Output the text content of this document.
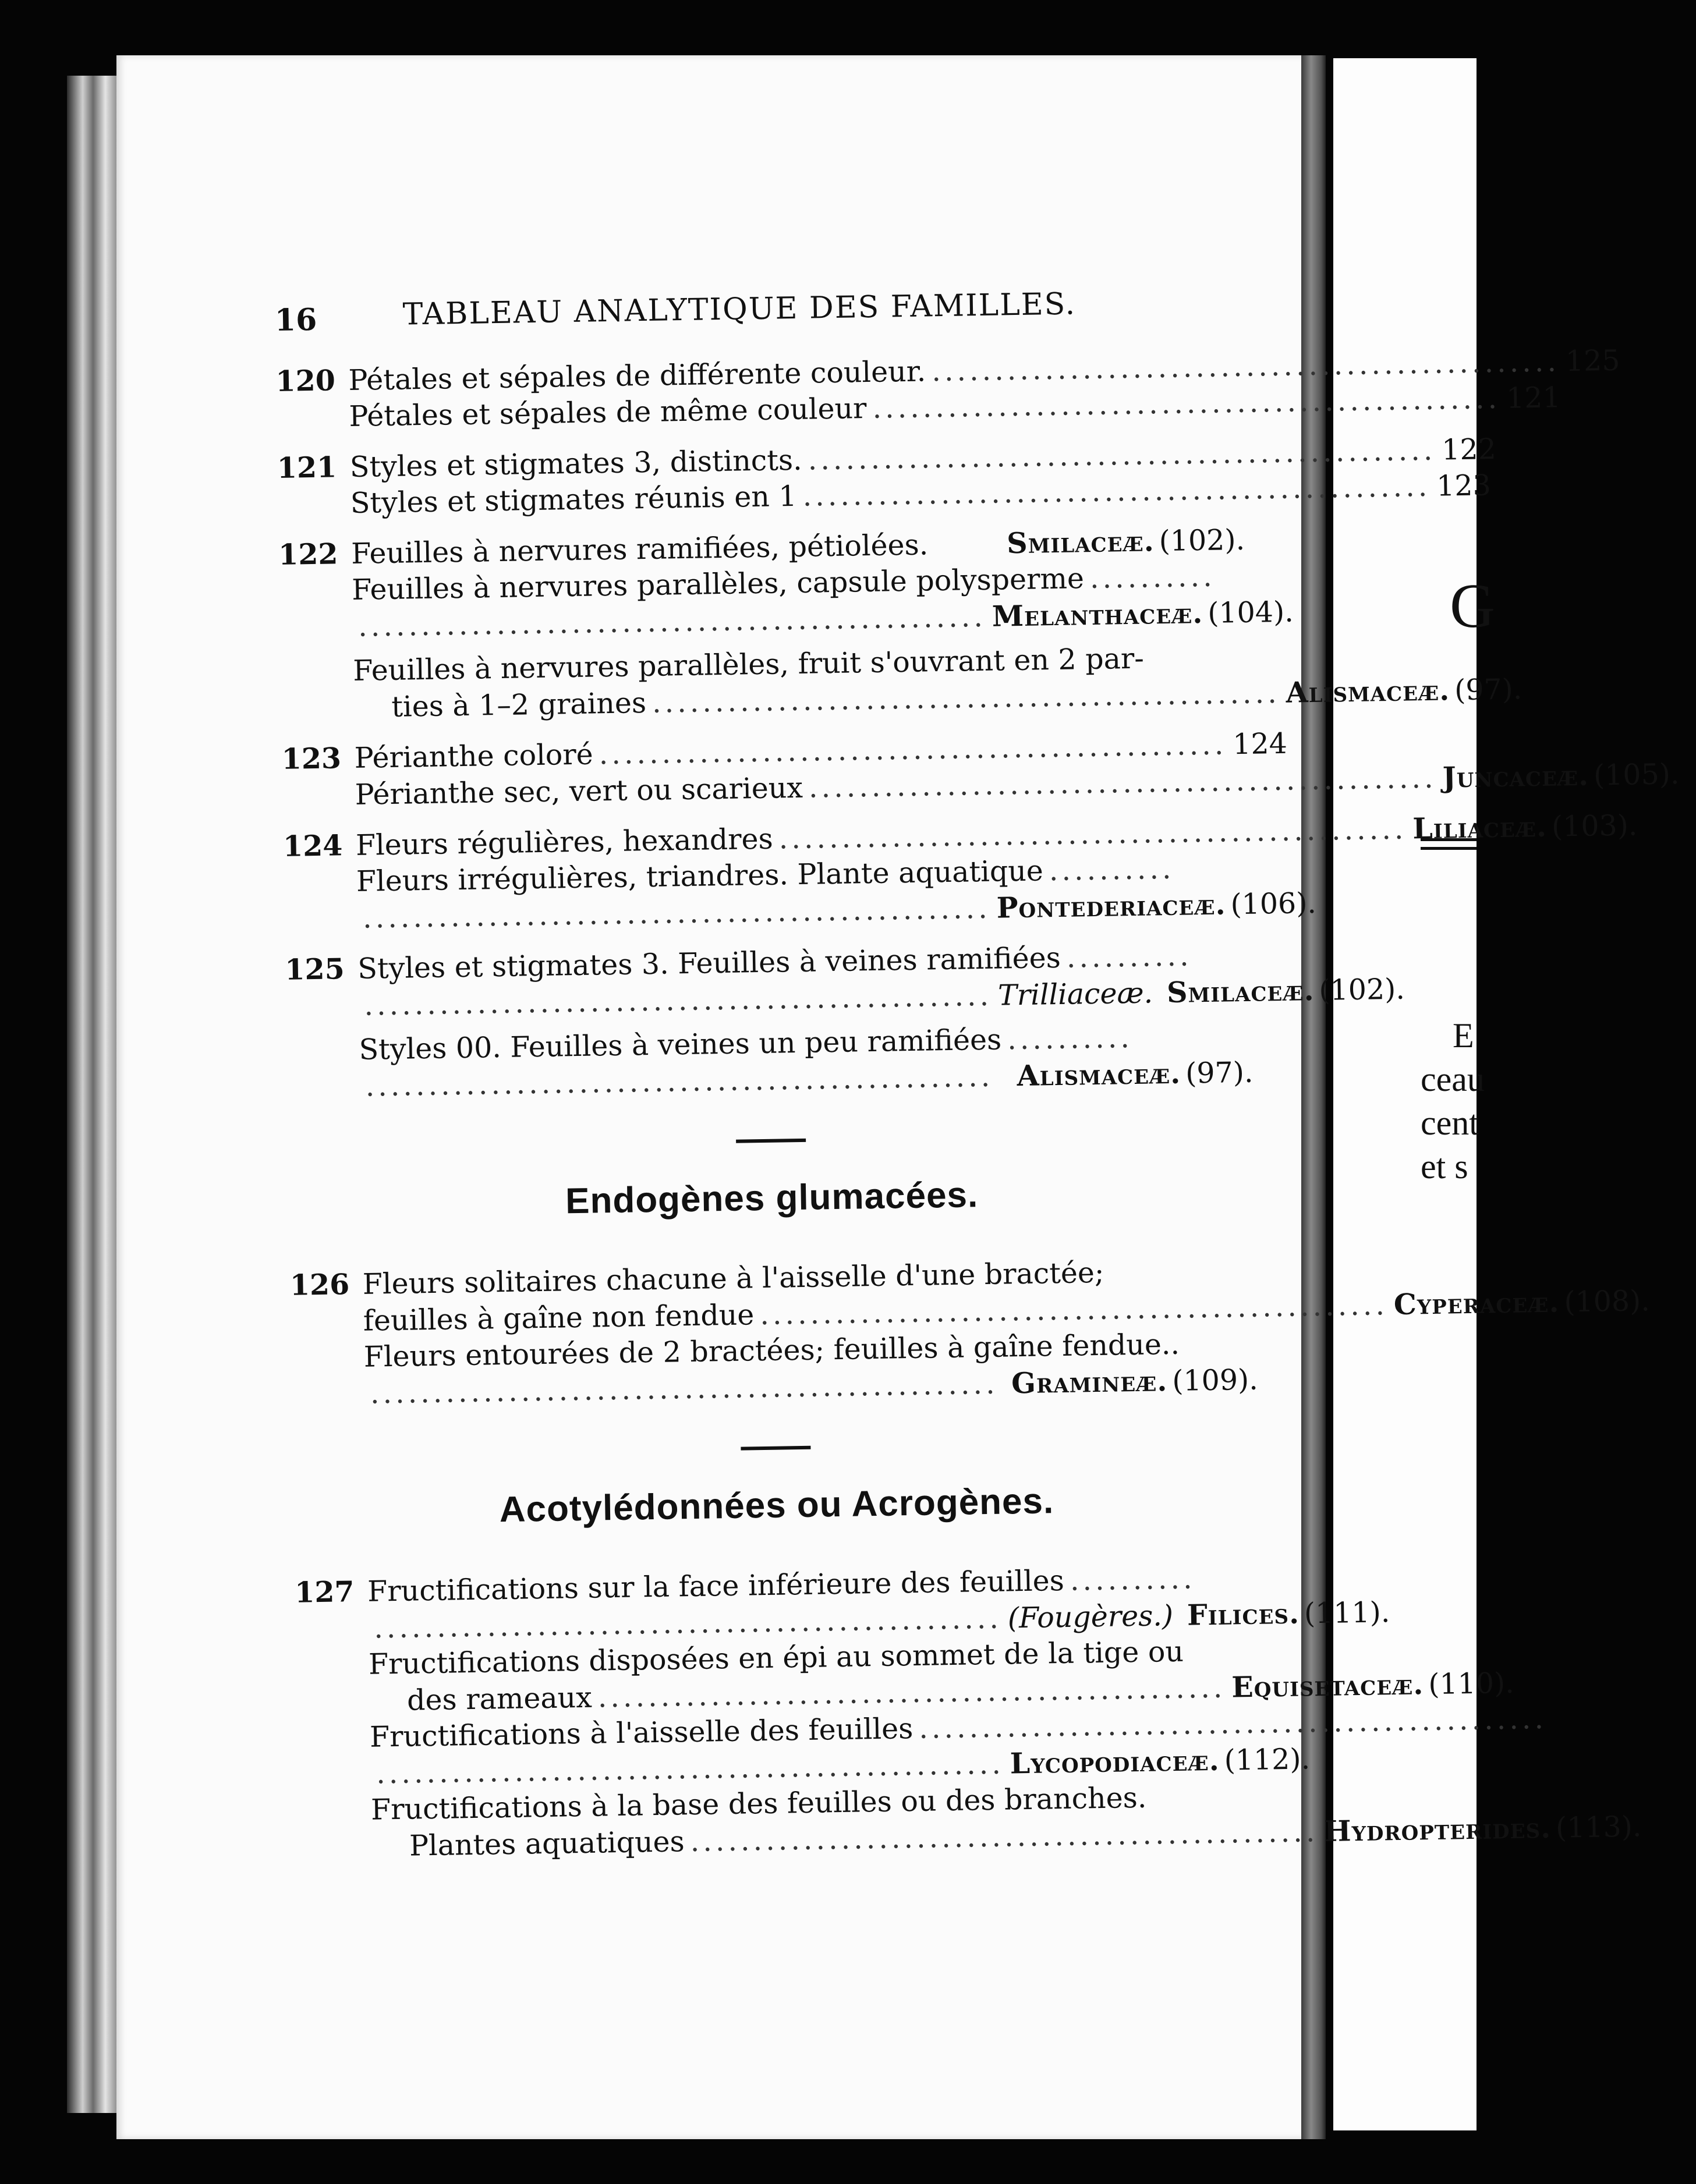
G
E
ceau
cent
et s
16	TABLEAU ANALYTIQUE DES FAMILLES.
120 Pétales et sépales de différente couleur. .................................................. 125
Pétales et sépales de même couleur .................................................. 121
121 Styles et stigmates 3, distincts. .................................................. 122
Styles et stigmates réunis en 1 .................................................. 123
122 Feuilles à nervures ramifiées, pétiolées.	Smilaceæ. (102).
Feuilles à nervures parallèles, capsule polysperme ..........
.................................................. Melanthaceæ. (104).
Feuilles à nervures parallèles, fruit s'ouvrant en 2 par-
ties à 1–2 graines .................................................. Alismaceæ. (97).
123 Périanthe coloré .................................................. 124
Périanthe sec, vert ou scarieux .................................................. Juncaceæ. (105).
124 Fleurs régulières, hexandres .................................................. Liliaceæ. (103).
Fleurs irrégulières, triandres. Plante aquatique ..........
.................................................. Pontederiaceæ. (106).
125 Styles et stigmates 3. Feuilles à veines ramifiées ..........
.................................................. Trilliaceæ. Smilaceæ. (102).
Styles 00. Feuilles à veines un peu ramifiées ..........
.................................................. Alismaceæ. (97).
Endogènes glumacées.
126 Fleurs solitaires chacune à l'aisselle d'une bractée;
feuilles à gaîne non fendue .................................................. Cyperaceæ. (108).
Fleurs entourées de 2 bractées; feuilles à gaîne fendue..
.................................................. Gramineæ. (109).
Acotylédonnées ou Acrogènes.
127 Fructifications sur la face inférieure des feuilles ..........
.................................................. (Fougères.) Filices. (111).
Fructifications disposées en épi au sommet de la tige ou
des rameaux .................................................. Equisetaceæ. (110).
Fructifications à l'aisselle des feuilles ..................................................
.................................................. Lycopodiaceæ. (112).
Fructifications à la base des feuilles ou des branches.
Plantes aquatiques .................................................. Hydropterides. (113).
